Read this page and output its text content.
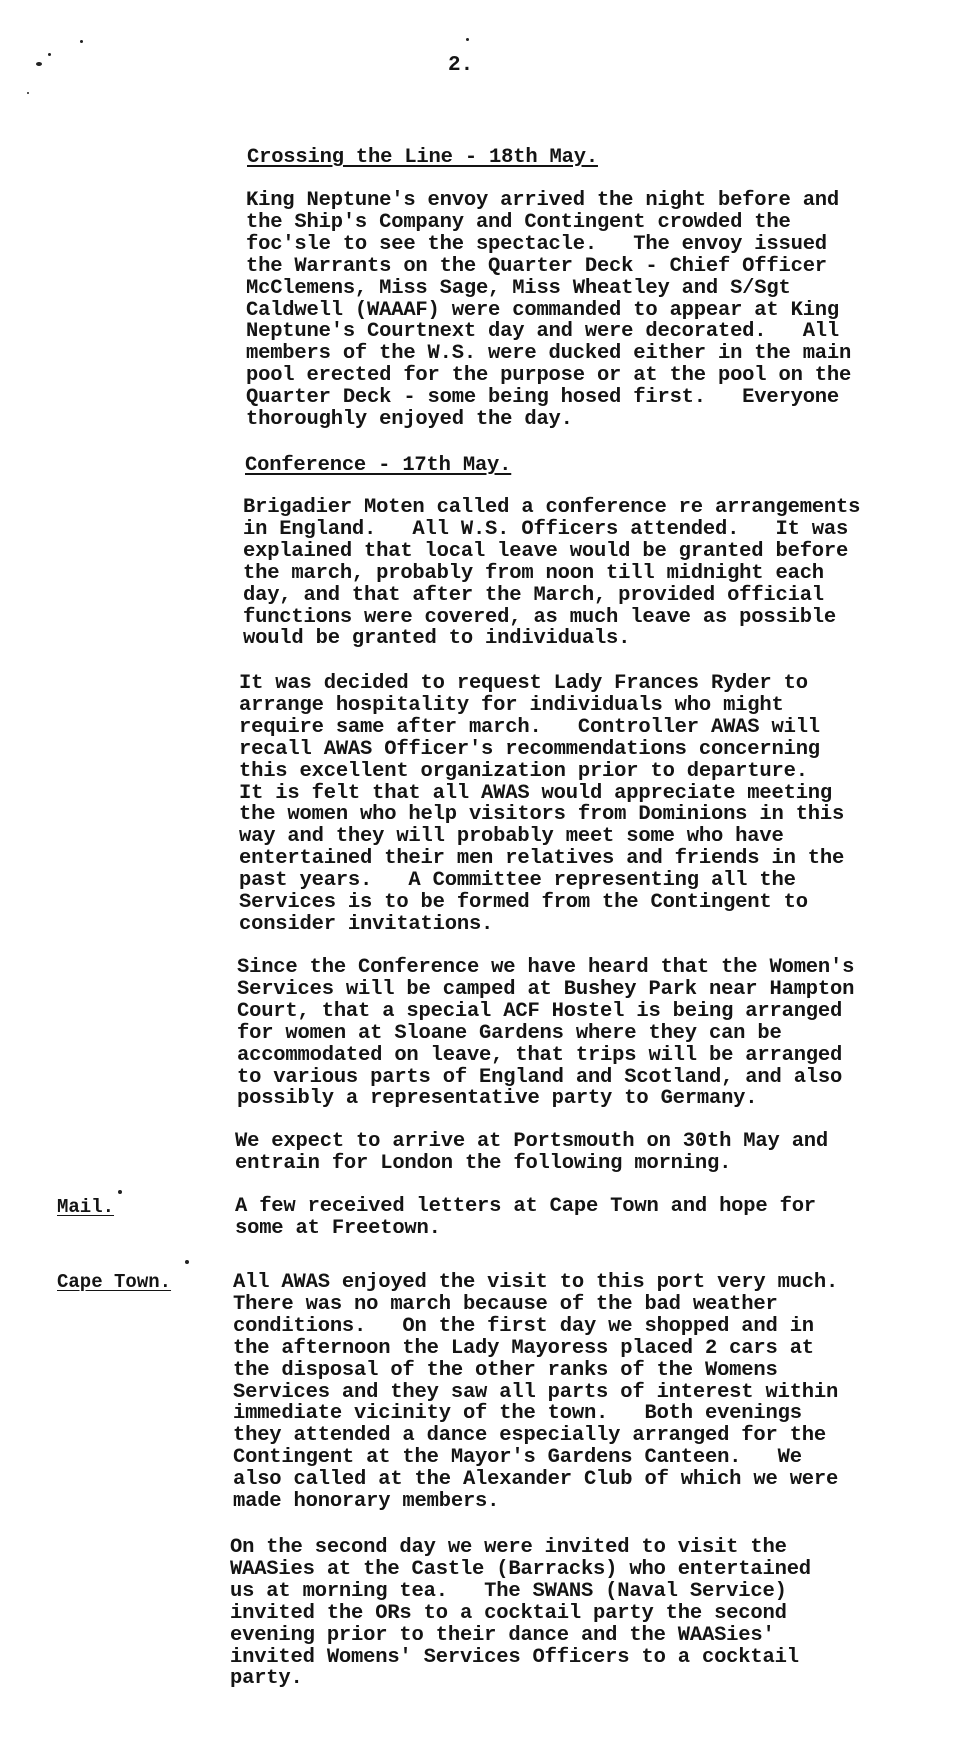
2.
Crossing the Line - 18th May.
King Neptune's envoy arrived the night before and
the Ship's Company and Contingent crowded the
foc'sle to see the spectacle.   The envoy issued
the Warrants on the Quarter Deck - Chief Officer
McClemens, Miss Sage, Miss Wheatley and S/Sgt
Caldwell (WAAAF) were commanded to appear at King
Neptune's Courtnext day and were decorated.   All
members of the W.S. were ducked either in the main
pool erected for the purpose or at the pool on the
Quarter Deck - some being hosed first.   Everyone
thoroughly enjoyed the day.
Conference - 17th May.
Brigadier Moten called a conference re arrangements
in England.   All W.S. Officers attended.   It was
explained that local leave would be granted before
the march, probably from noon till midnight each
day, and that after the March, provided official
functions were covered, as much leave as possible
would be granted to individuals.
It was decided to request Lady Frances Ryder to
arrange hospitality for individuals who might
require same after march.   Controller AWAS will
recall AWAS Officer's recommendations concerning
this excellent organization prior to departure.
It is felt that all AWAS would appreciate meeting
the women who help visitors from Dominions in this
way and they will probably meet some who have
entertained their men relatives and friends in the
past years.   A Committee representing all the
Services is to be formed from the Contingent to
consider invitations.
Since the Conference we have heard that the Women's
Services will be camped at Bushey Park near Hampton
Court, that a special ACF Hostel is being arranged
for women at Sloane Gardens where they can be
accommodated on leave, that trips will be arranged
to various parts of England and Scotland, and also
possibly a representative party to Germany.
We expect to arrive at Portsmouth on 30th May and
entrain for London the following morning.
Mail.	A few received letters at Cape Town and hope for
some at Freetown.
Cape Town.	All AWAS enjoyed the visit to this port very much.
There was no march because of the bad weather
conditions.   On the first day we shopped and in
the afternoon the Lady Mayoress placed 2 cars at
the disposal of the other ranks of the Womens
Services and they saw all parts of interest within
immediate vicinity of the town.   Both evenings
they attended a dance especially arranged for the
Contingent at the Mayor's Gardens Canteen.   We
also called at the Alexander Club of which we were
made honorary members.
On the second day we were invited to visit the
WAASies at the Castle (Barracks) who entertained
us at morning tea.   The SWANS (Naval Service)
invited the ORs to a cocktail party the second
evening prior to their dance and the WAASies'
invited Womens' Services Officers to a cocktail
party.
